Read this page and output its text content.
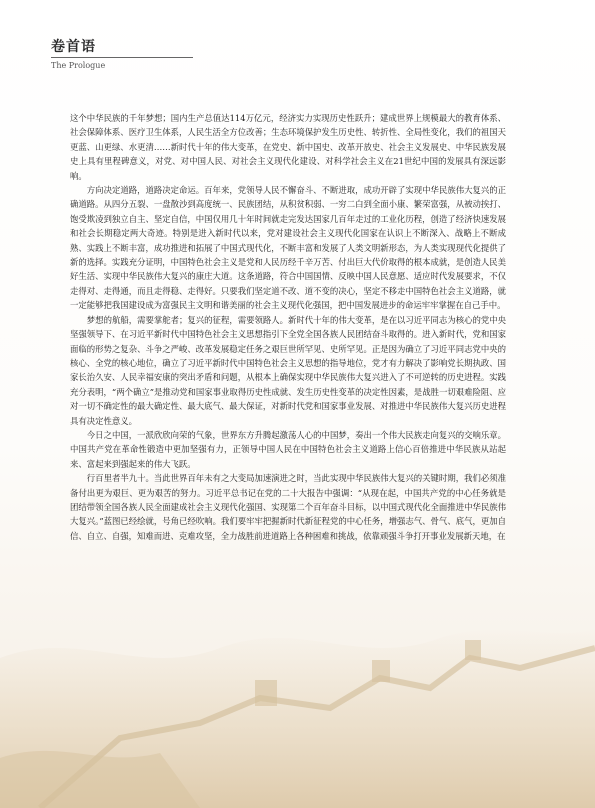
卷首语
The Prologue

这个中华民族的千年梦想；国内生产总值达114万亿元，经济实力实现历史性跃升；建成世界上规模最大的教育体系、社会保障体系、医疗卫生体系，人民生活全方位改善；生态环境保护发生历史性、转折性、全局性变化，我们的祖国天更蓝、山更绿、水更清……新时代十年的伟大变革，在党史、新中国史、改革开放史、社会主义发展史、中华民族发展史上具有里程碑意义，对党、对中国人民、对社会主义现代化建设、对科学社会主义在21世纪中国的发展具有深远影响。

方向决定道路，道路决定命运。百年来，党领导人民不懈奋斗、不断进取，成功开辟了实现中华民族伟大复兴的正确道路。从四分五裂、一盘散沙到高度统一、民族团结，从积贫积弱、一穷二白到全面小康、繁荣富强，从被动挨打、饱受欺凌到独立自主、坚定自信，中国仅用几十年时间就走完发达国家几百年走过的工业化历程，创造了经济快速发展和社会长期稳定两大奇迹。特别是进入新时代以来，党对建设社会主义现代化国家在认识上不断深入、战略上不断成熟、实践上不断丰富，成功推进和拓展了中国式现代化，不断丰富和发展了人类文明新形态，为人类实现现代化提供了新的选择。实践充分证明，中国特色社会主义是党和人民历经千辛万苦、付出巨大代价取得的根本成就，是创造人民美好生活、实现中华民族伟大复兴的康庄大道。这条道路，符合中国国情、反映中国人民意愿、适应时代发展要求，不仅走得对、走得通，而且走得稳、走得好。只要我们坚定道不改、道不变的决心，坚定不移走中国特色社会主义道路，就一定能够把我国建设成为富强民主文明和谐美丽的社会主义现代化强国，把中国发展进步的命运牢牢掌握在自己手中。

梦想的航船，需要掌舵者；复兴的征程，需要领路人。新时代十年的伟大变革，是在以习近平同志为核心的党中央坚强领导下、在习近平新时代中国特色社会主义思想指引下全党全国各族人民团结奋斗取得的。进入新时代，党和国家面临的形势之复杂、斗争之严峻、改革发展稳定任务之艰巨世所罕见、史所罕见。正是因为确立了习近平同志党中央的核心、全党的核心地位，确立了习近平新时代中国特色社会主义思想的指导地位，党才有力解决了影响党长期执政、国家长治久安、人民幸福安康的突出矛盾和问题，从根本上确保实现中华民族伟大复兴进入了不可逆转的历史进程。实践充分表明，“两个确立”是推动党和国家事业取得历史性成就、发生历史性变革的决定性因素，是战胜一切艰难险阻、应对一切不确定性的最大确定性、最大底气、最大保证，对新时代党和国家事业发展、对推进中华民族伟大复兴历史进程具有决定性意义。

今日之中国，一派欣欣向荣的气象，世界东方升腾起激荡人心的中国梦，奏出一个伟大民族走向复兴的交响乐章。中国共产党在革命性锻造中更加坚强有力，正领导中国人民在中国特色社会主义道路上信心百倍推进中华民族从站起来、富起来到强起来的伟大飞跃。

行百里者半九十。当此世界百年未有之大变局加速演进之时，当此实现中华民族伟大复兴的关键时期，我们必须准备付出更为艰巨、更为艰苦的努力。习近平总书记在党的二十大报告中强调：“从现在起，中国共产党的中心任务就是团结带领全国各族人民全面建成社会主义现代化强国、实现第二个百年奋斗目标，以中国式现代化全面推进中华民族伟大复兴。”蓝图已经绘就，号角已经吹响。我们要牢牢把握新时代新征程党的中心任务，增强志气、骨气、底气，更加自信、自立、自强，知难而进、克难攻坚，全力战胜前进道路上各种困难和挑战，依靠顽强斗争打开事业发展新天地，在
